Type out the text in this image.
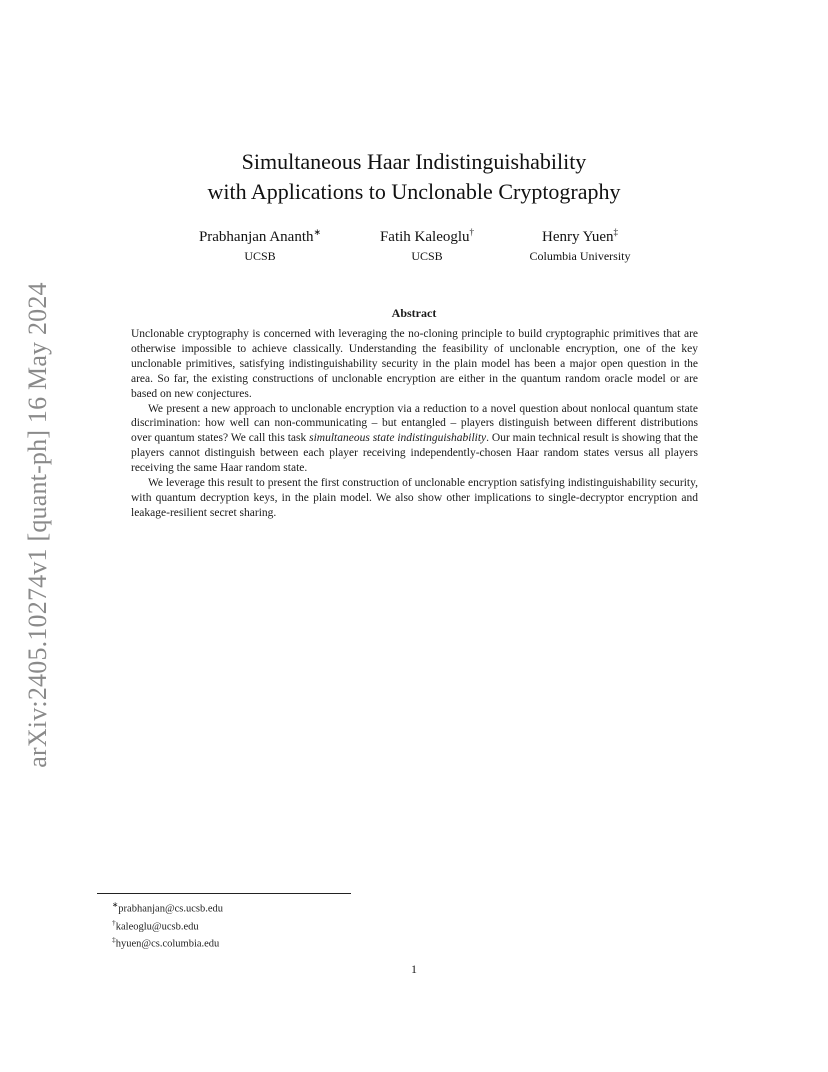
arXiv:2405.10274v1 [quant-ph] 16 May 2024
Simultaneous Haar Indistinguishability
with Applications to Unclonable Cryptography
Prabhanjan Ananth∗
UCSB
Fatih Kaleoglu†
UCSB
Henry Yuen‡
Columbia University
Abstract

Unclonable cryptography is concerned with leveraging the no-cloning principle to build cryptographic primitives that are otherwise impossible to achieve classically. Understanding the feasibility of unclonable encryption, one of the key unclonable primitives, satisfying indistinguishability security in the plain model has been a major open question in the area. So far, the existing constructions of unclonable encryption are either in the quantum random oracle model or are based on new conjectures.

We present a new approach to unclonable encryption via a reduction to a novel question about nonlocal quantum state discrimination: how well can non-communicating – but entangled – players distinguish between different distributions over quantum states? We call this task simultaneous state indistinguishability. Our main technical result is showing that the players cannot distinguish between each player receiving independently-chosen Haar random states versus all players receiving the same Haar random state.

We leverage this result to present the first construction of unclonable encryption satisfying indistinguishability security, with quantum decryption keys, in the plain model. We also show other implications to single-decryptor encryption and leakage-resilient secret sharing.

∗prabhanjan@cs.ucsb.edu
†kaleoglu@ucsb.edu
‡hyuen@cs.columbia.edu
1
